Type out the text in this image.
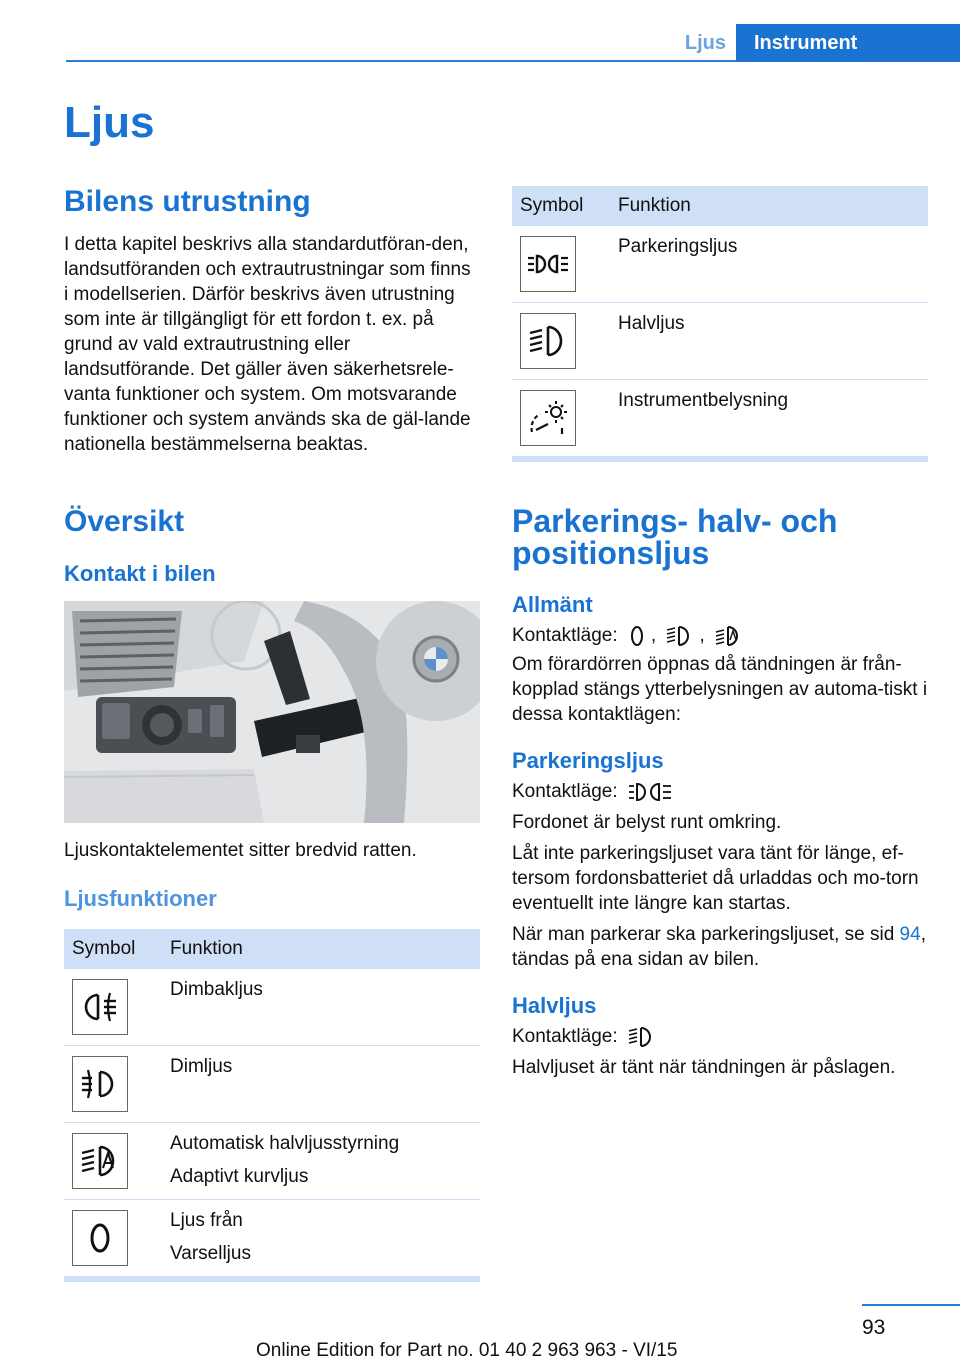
Ljus	Instrument
Ljus
Bilens utrustning
I detta kapitel beskrivs alla standardutföran-den, landsutföranden och extrautrustningar som finns i modellserien. Därför beskrivs även utrustning som inte är tillgängligt för ett fordon t. ex. på grund av vald extrautrustning eller landsutförande. Det gäller även säkerhetsrele-vanta funktioner och system. Om motsvarande funktioner och system används ska de gäl-lande nationella bestämmelserna beaktas.
Översikt
Kontakt i bilen
Ljuskontaktelementet sitter bredvid ratten.
Ljusfunktioner
Symbol	Funktion

Dimbakljus

Dimljus

Automatisk halvljusstyrning
Adaptivt kurvljus

Ljus från
Varselljus
Symbol	Funktion

Parkeringsljus

Halvljus

Instrumentbelysning
Parkerings- halv- och
positionsljus
Allmänt
Kontaktläge: , ,
Om förardörren öppnas då tändningen är från-kopplad stängs ytterbelysningen av automa-tiskt i dessa kontaktlägen:
Parkeringsljus
Kontaktläge:
Fordonet är belyst runt omkring.
Låt inte parkeringsljuset vara tänt för länge, ef-tersom fordonsbatteriet då urladdas och mo-torn eventuellt inte längre kan startas.
När man parkerar ska parkeringsljuset, se sid 94, tändas på ena sidan av bilen.
Halvljus
Kontaktläge:
Halvljuset är tänt när tändningen är påslagen.
93
Online Edition for Part no. 01 40 2 963 963 - VI/15
